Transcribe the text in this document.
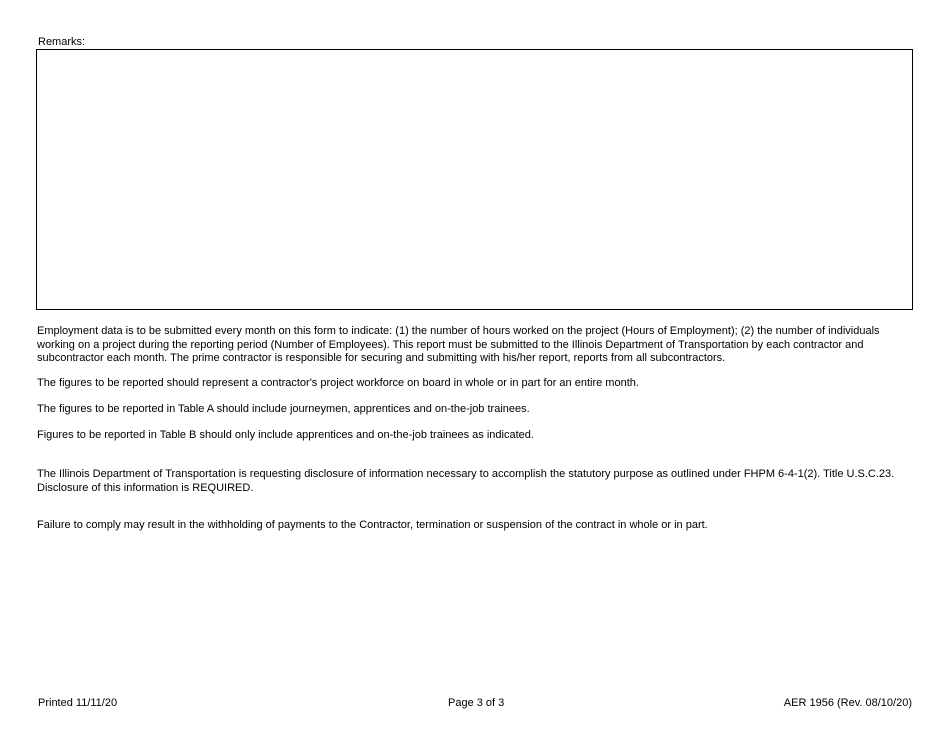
Remarks:

Employment data is to be submitted every month on this form to indicate: (1) the number of hours worked on the project (Hours of Employment); (2) the number of individuals working on a project during the reporting period (Number of Employees). This report must be submitted to the Illinois Department of Transportation by each contractor and subcontractor each month. The prime contractor is responsible for securing and submitting with his/her report, reports from all subcontractors.

The figures to be reported should represent a contractor's project workforce on board in whole or in part for an entire month.

The figures to be reported in Table A should include journeymen, apprentices and on-the-job trainees.

Figures to be reported in Table B should only include apprentices and on-the-job trainees as indicated.

The Illinois Department of Transportation is requesting disclosure of information necessary to accomplish the statutory purpose as outlined under FHPM 6-4-1(2). Title U.S.C.23. Disclosure of this information is REQUIRED.

Failure to comply may result in the withholding of payments to the Contractor, termination or suspension of the contract in whole or in part.

Printed 11/11/20	Page 3 of 3	AER 1956 (Rev. 08/10/20)
